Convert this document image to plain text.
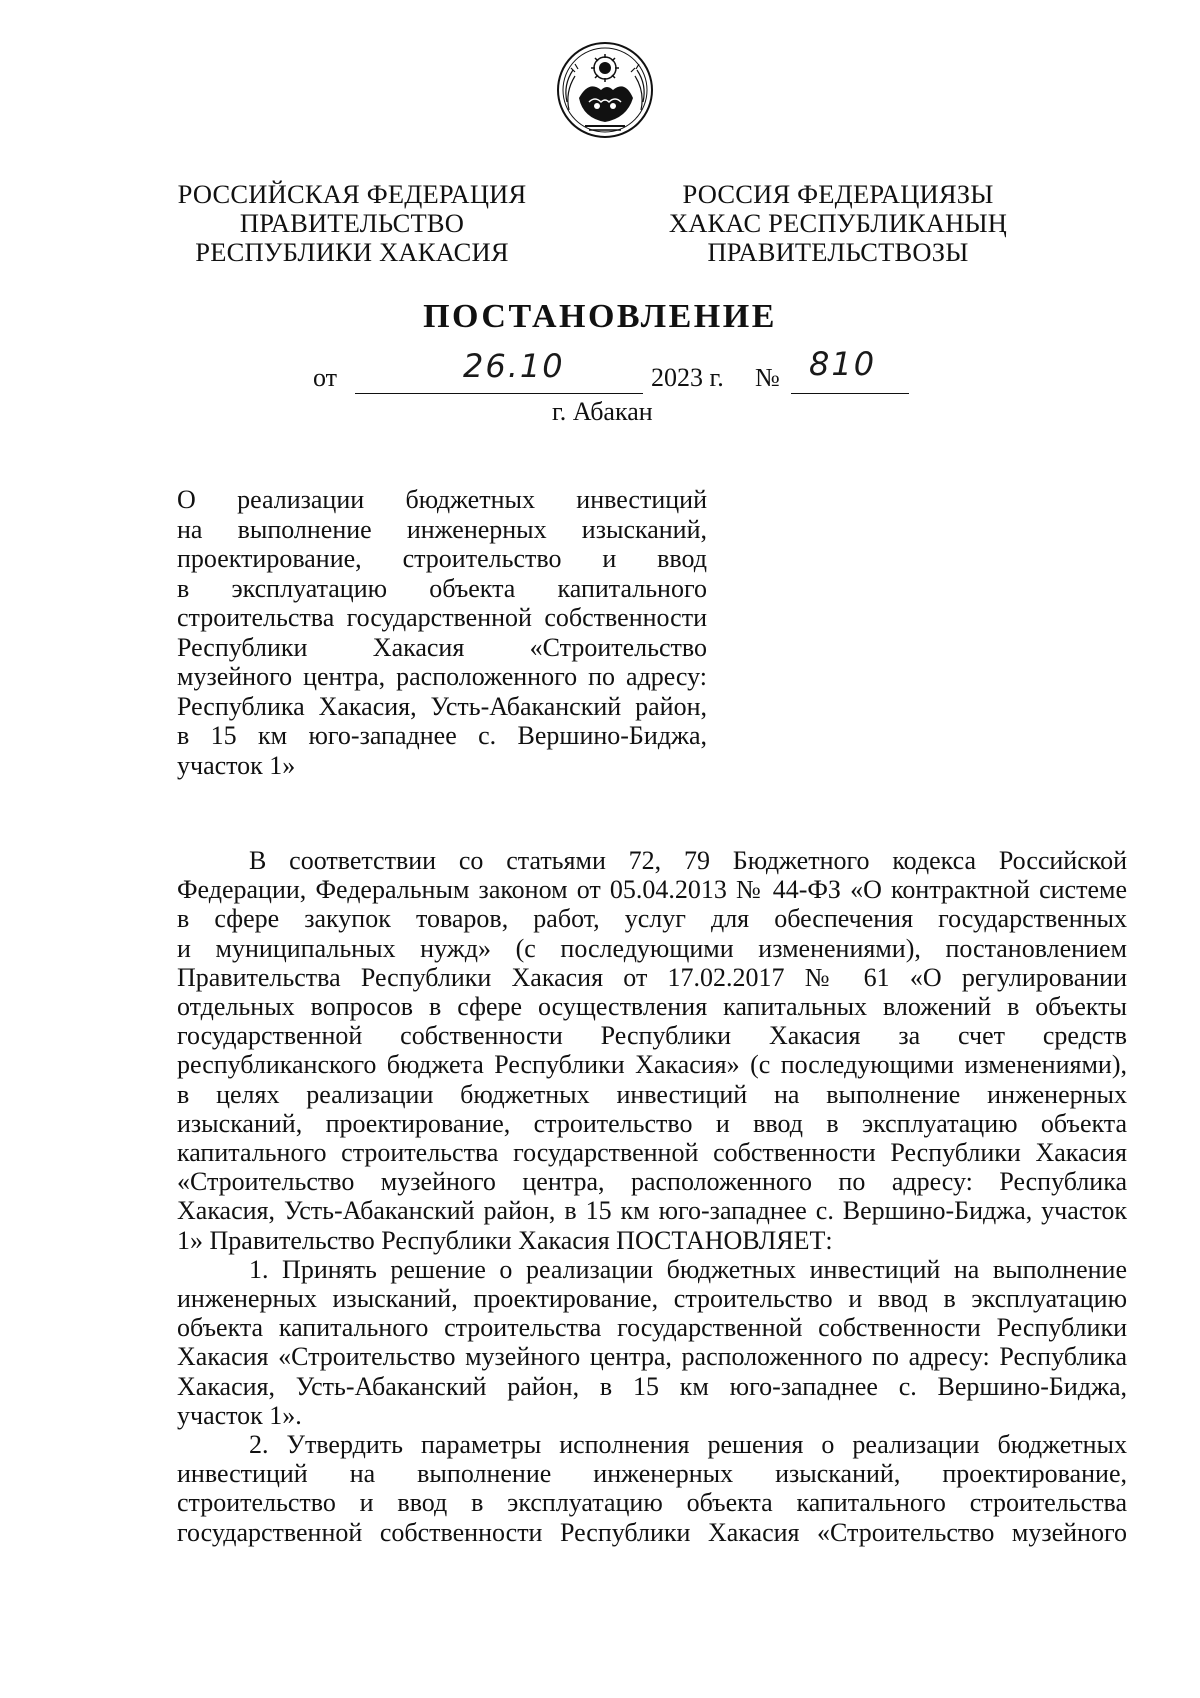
РОССИЙСКАЯ ФЕДЕРАЦИЯ
ПРАВИТЕЛЬСТВО
РЕСПУБЛИКИ ХАКАСИЯ
РОССИЯ ФЕДЕРАЦИЯЗЫ
ХАКАС РЕСПУБЛИКАНЫҢ
ПРАВИТЕЛЬСТВОЗЫ
ПОСТАНОВЛЕНИЕ
от	26.10	2023 г. № 810
г. Абакан
О реализации бюджетных инвестиций
на выполнение инженерных изысканий,
проектирование, строительство и ввод
в эксплуатацию объекта капитального
строительства государственной собственности
Республики Хакасия «Строительство
музейного центра, расположенного по адресу:
Республика Хакасия, Усть-Абаканский район,
в 15 км юго-западнее с. Вершино-Биджа,
участок 1»
В соответствии со статьями 72, 79 Бюджетного кодекса Российской
Федерации, Федеральным законом от 05.04.2013 № 44-ФЗ «О контрактной системе
в сфере закупок товаров, работ, услуг для обеспечения государственных
и муниципальных нужд» (с последующими изменениями), постановлением
Правительства Республики Хакасия от 17.02.2017 № 61 «О регулировании
отдельных вопросов в сфере осуществления капитальных вложений в объекты
государственной собственности Республики Хакасия за счет средств
республиканского бюджета Республики Хакасия» (с последующими изменениями),
в целях реализации бюджетных инвестиций на выполнение инженерных
изысканий, проектирование, строительство и ввод в эксплуатацию объекта
капитального строительства государственной собственности Республики Хакасия
«Строительство музейного центра, расположенного по адресу: Республика
Хакасия, Усть-Абаканский район, в 15 км юго-западнее с. Вершино-Биджа, участок
1» Правительство Республики Хакасия ПОСТАНОВЛЯЕТ:
1. Принять решение о реализации бюджетных инвестиций на выполнение
инженерных изысканий, проектирование, строительство и ввод в эксплуатацию
объекта капитального строительства государственной собственности Республики
Хакасия «Строительство музейного центра, расположенного по адресу: Республика
Хакасия, Усть-Абаканский район, в 15 км юго-западнее с. Вершино-Биджа,
участок 1».
2. Утвердить параметры исполнения решения о реализации бюджетных
инвестиций на выполнение инженерных изысканий, проектирование,
строительство и ввод в эксплуатацию объекта капитального строительства
государственной собственности Республики Хакасия «Строительство музейного
